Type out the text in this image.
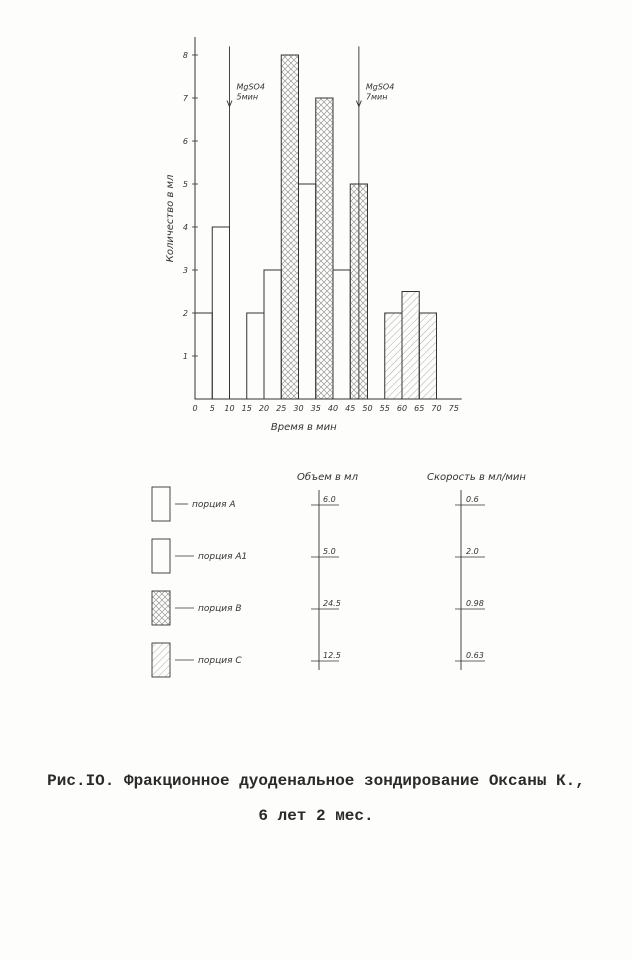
1
2
3
4
5
6
7
8
0 5 10 15 20 25 30 35 40 45 50 55 60 65 70 75
Время в мин
Количество в мл
MgSO4
5мин
MgSO4
7мин
Объем в мл	Скорость в мл/мин
порция A
6.0	0.6
порция A1
5.0	2.0
порция B
24.5	0.98
порция C
12.5	0.63
Рис.IO. Фракционное дуоденальное зондирование Оксаны К.,
6 лет 2 мес.
